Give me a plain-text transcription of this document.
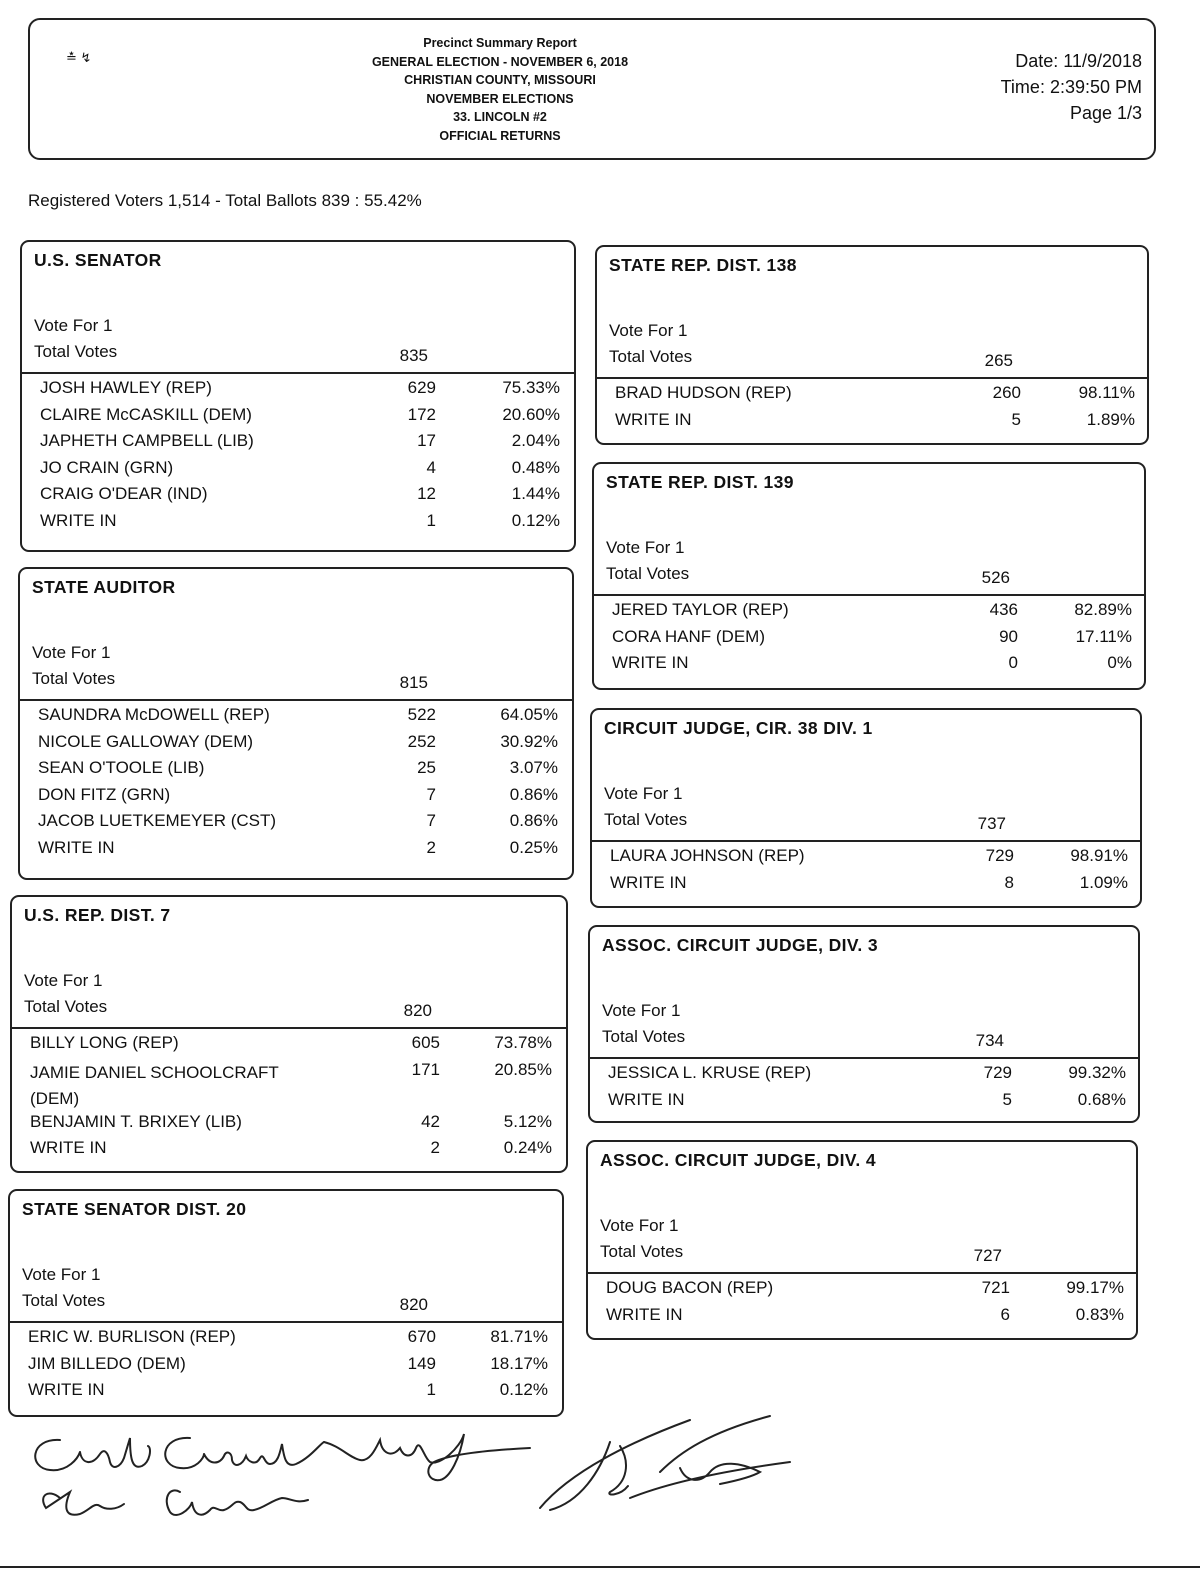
≛ ↯
Precinct Summary Report
GENERAL ELECTION - NOVEMBER 6, 2018
CHRISTIAN COUNTY, MISSOURI
NOVEMBER ELECTIONS
33. LINCOLN #2
OFFICIAL RETURNS
Date: 11/9/2018
Time: 2:39:50 PM
Page 1/3
Registered Voters 1,514 - Total Ballots 839 : 55.42%
U.S. SENATOR
Vote For 1
Total Votes	835
JOSH HAWLEY (REP)	629	75.33%
CLAIRE McCASKILL (DEM)	172	20.60%
JAPHETH CAMPBELL (LIB)	17	2.04%
JO CRAIN (GRN)	4	0.48%
CRAIG O'DEAR (IND)	12	1.44%
WRITE IN	1	0.12%
STATE AUDITOR
Vote For 1
Total Votes	815
SAUNDRA McDOWELL (REP)	522	64.05%
NICOLE GALLOWAY (DEM)	252	30.92%
SEAN O'TOOLE (LIB)	25	3.07%
DON FITZ (GRN)	7	0.86%
JACOB LUETKEMEYER (CST)	7	0.86%
WRITE IN	2	0.25%
U.S. REP. DIST. 7
Vote For 1
Total Votes	820
BILLY LONG (REP)	605	73.78%
JAMIE DANIEL SCHOOLCRAFT (DEM)
171	20.85%
BENJAMIN T. BRIXEY (LIB)	42	5.12%
WRITE IN	2	0.24%
STATE SENATOR DIST. 20
Vote For 1
Total Votes	820
ERIC W. BURLISON (REP)	670	81.71%
JIM BILLEDO (DEM)	149	18.17%
WRITE IN	1	0.12%
STATE REP. DIST. 138
Vote For 1
Total Votes	265
BRAD HUDSON (REP)	260	98.11%
WRITE IN	5	1.89%
STATE REP. DIST. 139
Vote For 1
Total Votes	526
JERED TAYLOR (REP)	436	82.89%
CORA HANF (DEM)	90	17.11%
WRITE IN	0	0%
CIRCUIT JUDGE, CIR. 38 DIV. 1
Vote For 1
Total Votes	737
LAURA JOHNSON (REP)	729	98.91%
WRITE IN	8	1.09%
ASSOC. CIRCUIT JUDGE, DIV. 3
Vote For 1
Total Votes	734
JESSICA L. KRUSE (REP)	729	99.32%
WRITE IN	5	0.68%
ASSOC. CIRCUIT JUDGE, DIV. 4
Vote For 1
Total Votes	727
DOUG BACON (REP)	721	99.17%
WRITE IN	6	0.83%
